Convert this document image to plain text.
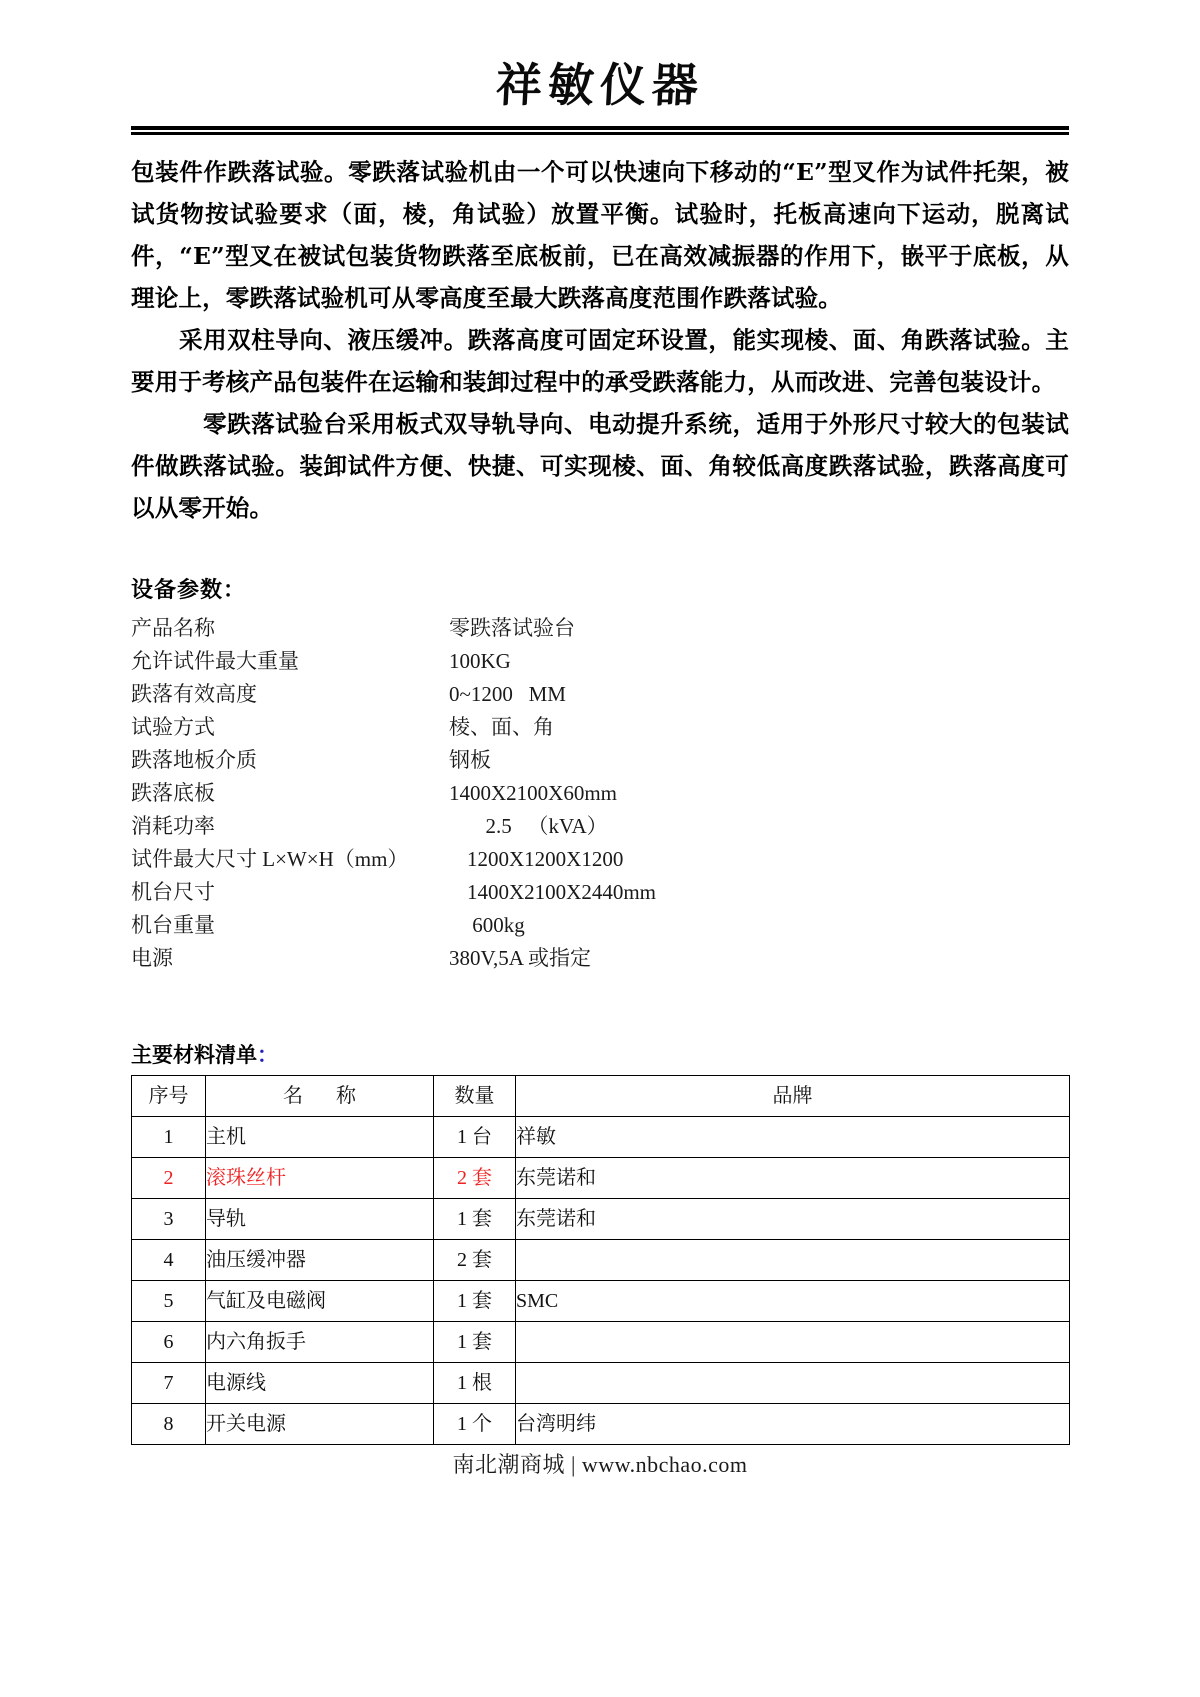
祥敏仪器

包装件作跌落试验。零跌落试验机由一个可以快速向下移动的“E”型叉作为试件托架，被试货物按试验要求（面，棱，角试验）放置平衡。试验时，托板高速向下运动，脱离试件，“E”型叉在被试包装货物跌落至底板前，已在高效减振器的作用下，嵌平于底板，从理论上，零跌落试验机可从零高度至最大跌落高度范围作跌落试验。

采用双柱导向、液压缓冲。跌落高度可固定环设置，能实现棱、面、角跌落试验。主要用于考核产品包装件在运输和装卸过程中的承受跌落能力，从而改进、完善包装设计。

零跌落试验台采用板式双导轨导向、电动提升系统，适用于外形尺寸较大的包装试件做跌落试验。装卸试件方便、快捷、可实现棱、面、角较低高度跌落试验，跌落高度可以从零开始。

设备参数：
产品名称	零跌落试验台
允许试件最大重量	100KG
跌落有效高度	0~1200   MM
试验方式	棱、面、角
跌落地板介质	钢板
跌落底板	1400X2100X60mm
消耗功率	2.5   （kVA）
试件最大尺寸 L×W×H（mm）	1200X1200X1200
机台尺寸	1400X2100X2440mm
机台重量	600kg
电源	380V,5A 或指定
主要材料清单：
序号	名 称	数量	品牌
1	主机	1 台	祥敏
2	滚珠丝杆	2 套	东莞诺和
3	导轨	1 套	东莞诺和
4	油压缓冲器	2 套	
5	气缸及电磁阀	1 套	SMC
6	内六角扳手	1 套	
7	电源线	1 根	
8	开关电源	1 个	台湾明纬
南北潮商城 | www.nbchao.com
